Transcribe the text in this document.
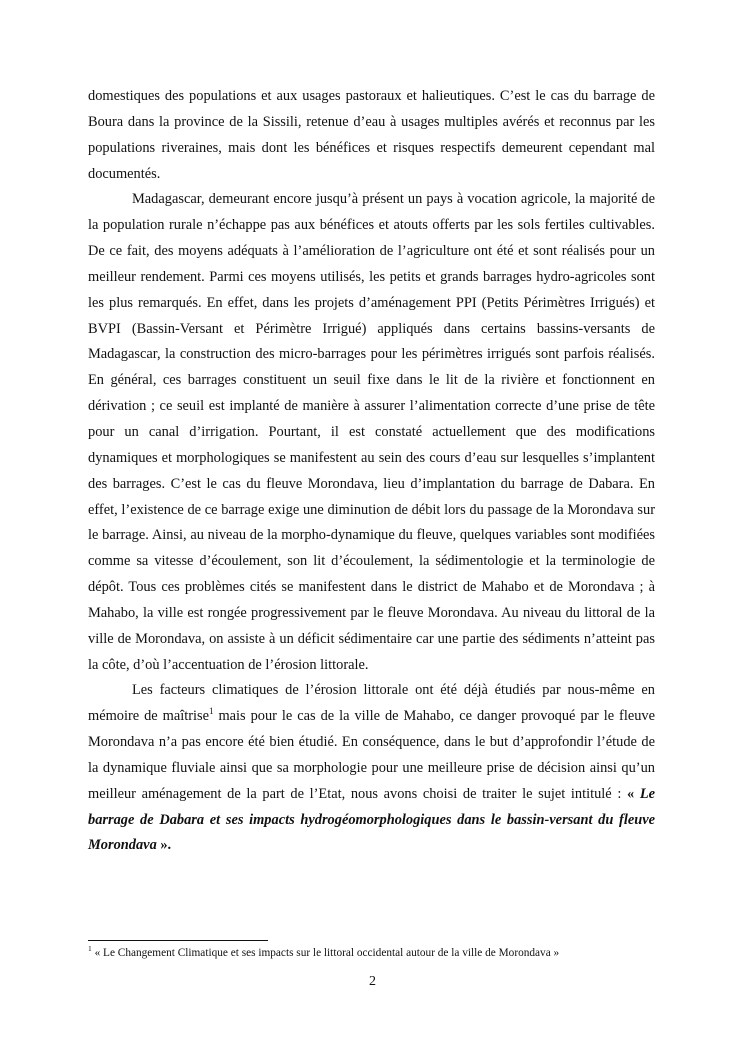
domestiques des populations et aux usages pastoraux et halieutiques. C’est le cas du barrage de Boura dans la province de la Sissili, retenue d’eau à usages multiples avérés et reconnus par les populations riveraines, mais dont les bénéfices et risques respectifs demeurent cependant mal documentés.

Madagascar, demeurant encore jusqu’à présent un pays à vocation agricole, la majorité de la population rurale n’échappe pas aux bénéfices et atouts offerts par les sols fertiles cultivables. De ce fait, des moyens adéquats à l’amélioration de l’agriculture ont été et sont réalisés pour un meilleur rendement. Parmi ces moyens utilisés, les petits et grands barrages hydro-agricoles sont les plus remarqués. En effet, dans les projets d’aménagement PPI (Petits Périmètres Irrigués) et BVPI (Bassin-Versant et Périmètre Irrigué) appliqués dans certains bassins-versants de Madagascar, la construction des micro-barrages pour les périmètres irrigués sont parfois réalisés. En général, ces barrages constituent un seuil fixe dans le lit de la rivière et fonctionnent en dérivation ; ce seuil est implanté de manière à assurer l’alimentation correcte d’une prise de tête pour un canal d’irrigation. Pourtant, il est constaté actuellement que des modifications dynamiques et morphologiques se manifestent au sein des cours d’eau sur lesquelles s’implantent des barrages. C’est le cas du fleuve Morondava, lieu d’implantation du barrage de Dabara. En effet, l’existence de ce barrage exige une diminution de débit lors du passage de la Morondava sur le barrage. Ainsi, au niveau de la morpho-dynamique du fleuve, quelques variables sont modifiées comme sa vitesse d’écoulement, son lit d’écoulement, la sédimentologie et la terminologie de dépôt. Tous ces problèmes cités se manifestent dans le district de Mahabo et de Morondava ; à Mahabo, la ville est rongée progressivement par le fleuve Morondava. Au niveau du littoral de la ville de Morondava, on assiste à un déficit sédimentaire car une partie des sédiments n’atteint pas la côte, d’où l’accentuation de l’érosion littorale.

Les facteurs climatiques de l’érosion littorale ont été déjà étudiés par nous-même en mémoire de maîtrise$^1$ mais pour le cas de la ville de Mahabo, ce danger provoqué par le fleuve Morondava n’a pas encore été bien étudié. En conséquence, dans le but d’approfondir l’étude de la dynamique fluviale ainsi que sa morphologie pour une meilleure prise de décision ainsi qu’un meilleur aménagement de la part de l’Etat, nous avons choisi de traiter le sujet intitulé : « Le barrage de Dabara et ses impacts hydrogéomorphologiques dans le bassin-versant du fleuve Morondava ».

$^1$ « Le Changement Climatique et ses impacts sur le littoral occidental autour de la ville de Morondava »
2
